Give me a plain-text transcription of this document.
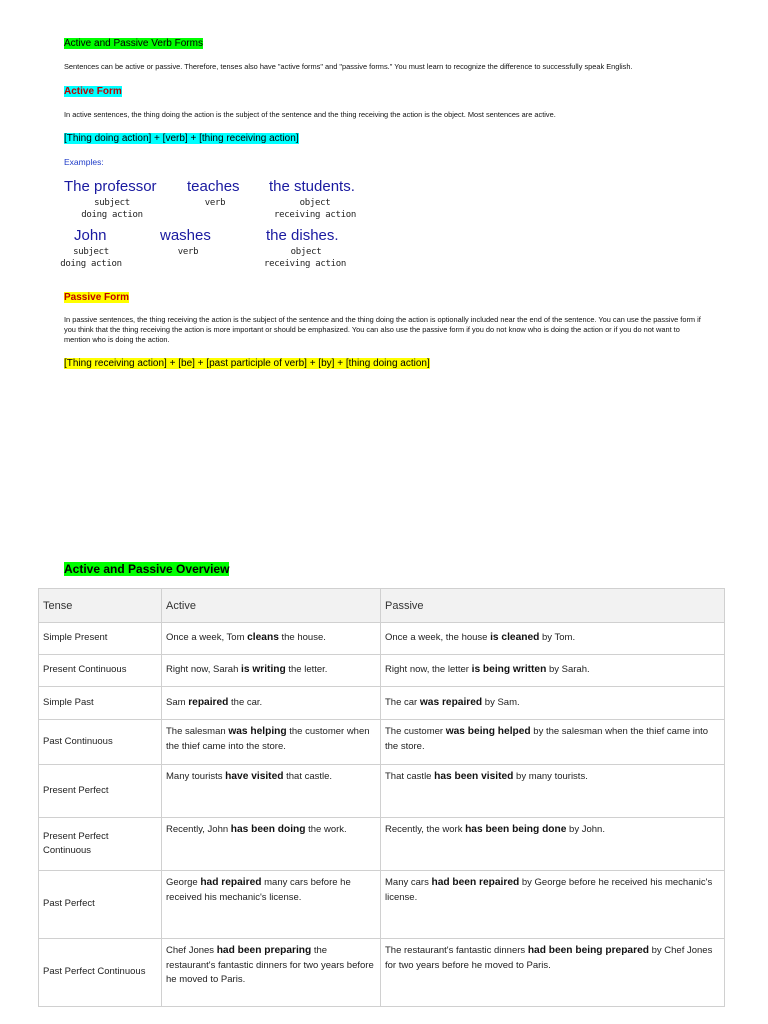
Active and Passive Verb Forms
Sentences can be active or passive. Therefore, tenses also have "active forms" and "passive forms." You must learn to recognize the difference to successfully speak English.
Active Form
In active sentences, the thing doing the action is the subject of the sentence and the thing receiving the action is the object. Most sentences are active.
[Thing doing action] + [verb] + [thing receiving action]
Examples:
The professor
subject
doing action
teaches
verb
the students.
object
receiving action
John
subject
doing action
washes
verb
the dishes.
object
receiving action
Passive Form
In passive sentences, the thing receiving the action is the subject of the sentence and the thing doing the action is optionally included near the end of the sentence. You can use the passive form if you think that the thing receiving the action is more important or should be emphasized. You can also use the passive form if you do not know who is doing the action or if you do not want to mention who is doing the action.
[Thing receiving action] + [be] + [past participle of verb] + [by] + [thing doing action]
Active and Passive Overview
Tense	Active	Passive
Simple Present	Once a week, Tom cleans the house.	Once a week, the house is cleaned by Tom.
Present Continuous	Right now, Sarah is writing the letter.	Right now, the letter is being written by Sarah.
Simple Past	Sam repaired the car.	The car was repaired by Sam.
Past Continuous	The salesman was helping the customer when the thief came into the store.	The customer was being helped by the salesman when the thief came into the store.
Present Perfect	Many tourists have visited that castle.	That castle has been visited by many tourists.
Present Perfect Continuous	Recently, John has been doing the work.	Recently, the work has been being done by John.
Past Perfect	George had repaired many cars before he received his mechanic's license.	Many cars had been repaired by George before he received his mechanic's license.
Past Perfect Continuous	Chef Jones had been preparing the restaurant's fantastic dinners for two years before he moved to Paris.	The restaurant's fantastic dinners had been being prepared by Chef Jones for two years before he moved to Paris.
